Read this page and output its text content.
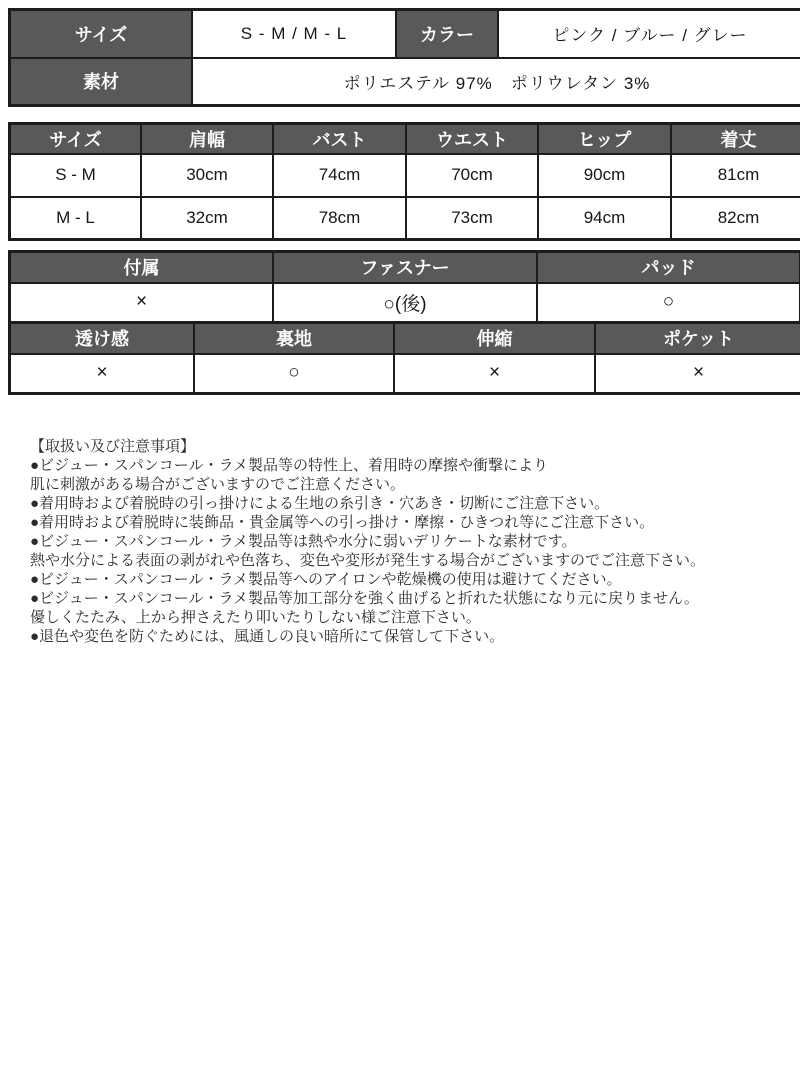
サイズ	S - M / M - L	カラー	ピンク / ブルー / グレー
素材	ポリエステル 97%　ポリウレタン 3%		
サイズ	肩幅	バスト	ウエスト	ヒップ	着丈
S - M	30cm	74cm	70cm	90cm	81cm
M - L	32cm	78cm	73cm	94cm	82cm
付属	ファスナー	パッド
×	○(後)	○
透け感	裏地	伸縮	ポケット
×	○	×	×
【取扱い及び注意事項】
●ビジュー・スパンコール・ラメ製品等の特性上、着用時の摩擦や衝撃により
肌に刺激がある場合がございますのでご注意ください。
●着用時および着脱時の引っ掛けによる生地の糸引き・穴あき・切断にご注意下さい。
●着用時および着脱時に装飾品・貴金属等への引っ掛け・摩擦・ひきつれ等にご注意下さい。
●ビジュー・スパンコール・ラメ製品等は熱や水分に弱いデリケートな素材です。
熱や水分による表面の剥がれや色落ち、変色や変形が発生する場合がございますのでご注意下さい。
●ビジュー・スパンコール・ラメ製品等へのアイロンや乾燥機の使用は避けてください。
●ビジュー・スパンコール・ラメ製品等加工部分を強く曲げると折れた状態になり元に戻りません。
優しくたたみ、上から押さえたり叩いたりしない様ご注意下さい。
●退色や変色を防ぐためには、風通しの良い暗所にて保管して下さい。
